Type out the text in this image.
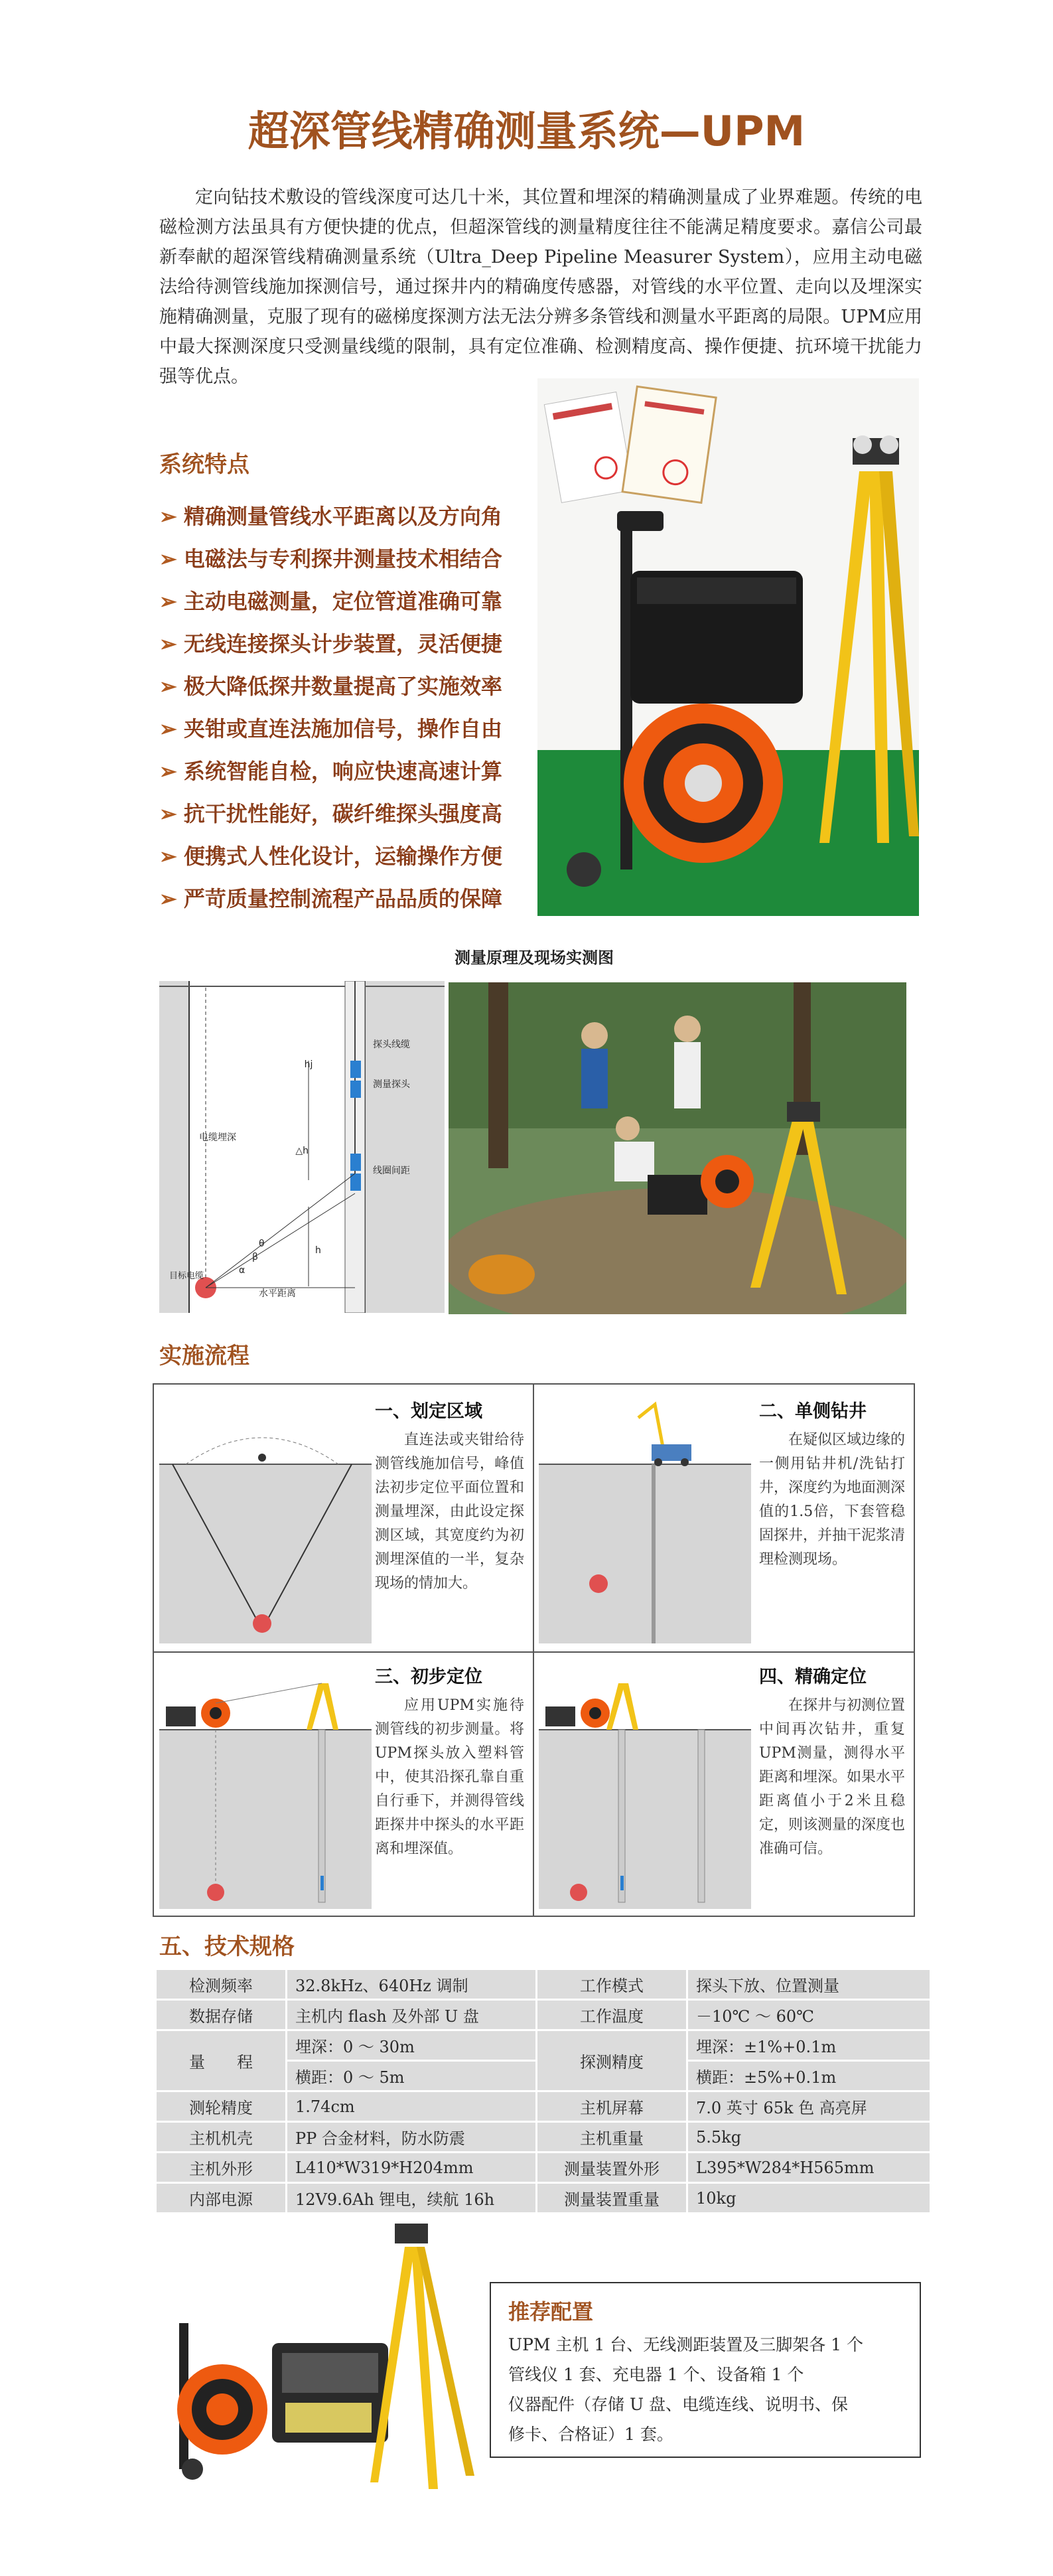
超深管线精确测量系统—UPM
定向钻技术敷设的管线深度可达几十米，其位置和埋深的精确测量成了业界难题。传统的电磁检测方法虽具有方便快捷的优点，但超深管线的测量精度往往不能满足精度要求。嘉信公司最新奉献的超深管线精确测量系统（Ultra_Deep Pipeline Measurer System），应用主动电磁法给待测管线施加探测信号，通过探井内的精确度传感器，对管线的水平位置、走向以及埋深实施精确测量，克服了现有的磁梯度探测方法无法分辨多条管线和测量水平距离的局限。UPM应用中最大探测深度只受测量线缆的限制，具有定位准确、检测精度高、操作便捷、抗环境干扰能力强等优点。
系统特点
➢ 精确测量管线水平距离以及方向角
➢ 电磁法与专利探井测量技术相结合
➢ 主动电磁测量，定位管道准确可靠
➢ 无线连接探头计步装置，灵活便捷
➢ 极大降低探井数量提高了实施效率
➢ 夹钳或直连法施加信号，操作自由
➢ 系统智能自检，响应快速高速计算
➢ 抗干扰性能好，碳纤维探头强度高
➢ 便携式人性化设计，运输操作方便
➢ 严苛质量控制流程产品品质的保障
测量原理及现场实测图
hj
△h
h
θ
β
α
探头线缆
测量探头
线圈间距
电缆埋深
目标电缆
水平距离
实施流程
一、划定区域
直连法或夹钳给待测管线施加信号，峰值法初步定位平面位置和测量埋深，由此设定探测区域，其宽度约为初测埋深值的一半，复杂现场的情加大。
二、单侧钻井
在疑似区域边缘的一侧用钻井机/洗钻打井，深度约为地面测深值的1.5倍，下套管稳固探井，并抽干泥浆清理检测现场。
三、初步定位
应用UPM实施待测管线的初步测量。将UPM探头放入塑料管中，使其沿探孔靠自重自行垂下，并测得管线距探井中探头的水平距离和埋深值。
四、精确定位
在探井与初测位置中间再次钻井，重复UPM测量，测得水平距离和埋深。如果水平距离值小于2米且稳定，则该测量的深度也准确可信。
五、技术规格
检测频率	32.8kHz、640Hz 调制	工作模式	探头下放、位置测量
数据存储	主机内 flash 及外部 U 盘	工作温度	－10℃ ～ 60℃
量　　程	埋深：0 ～ 30m	探测精度	埋深：±1%+0.1m
	横距：0 ～ 5m		横距：±5%+0.1m
测轮精度	1.74cm	主机屏幕	7.0 英寸 65k 色 高亮屏
主机机壳	PP 合金材料，防水防震	主机重量	5.5kg
主机外形	L410*W319*H204mm	测量装置外形	L395*W284*H565mm
内部电源	12V9.6Ah 锂电，续航 16h	测量装置重量	10kg
推荐配置
UPM 主机 1 台、无线测距装置及三脚架各 1 个
管线仪 1 套、充电器 1 个、设备箱 1 个
仪器配件（存储 U 盘、电缆连线、说明书、保
修卡、合格证）1 套。
